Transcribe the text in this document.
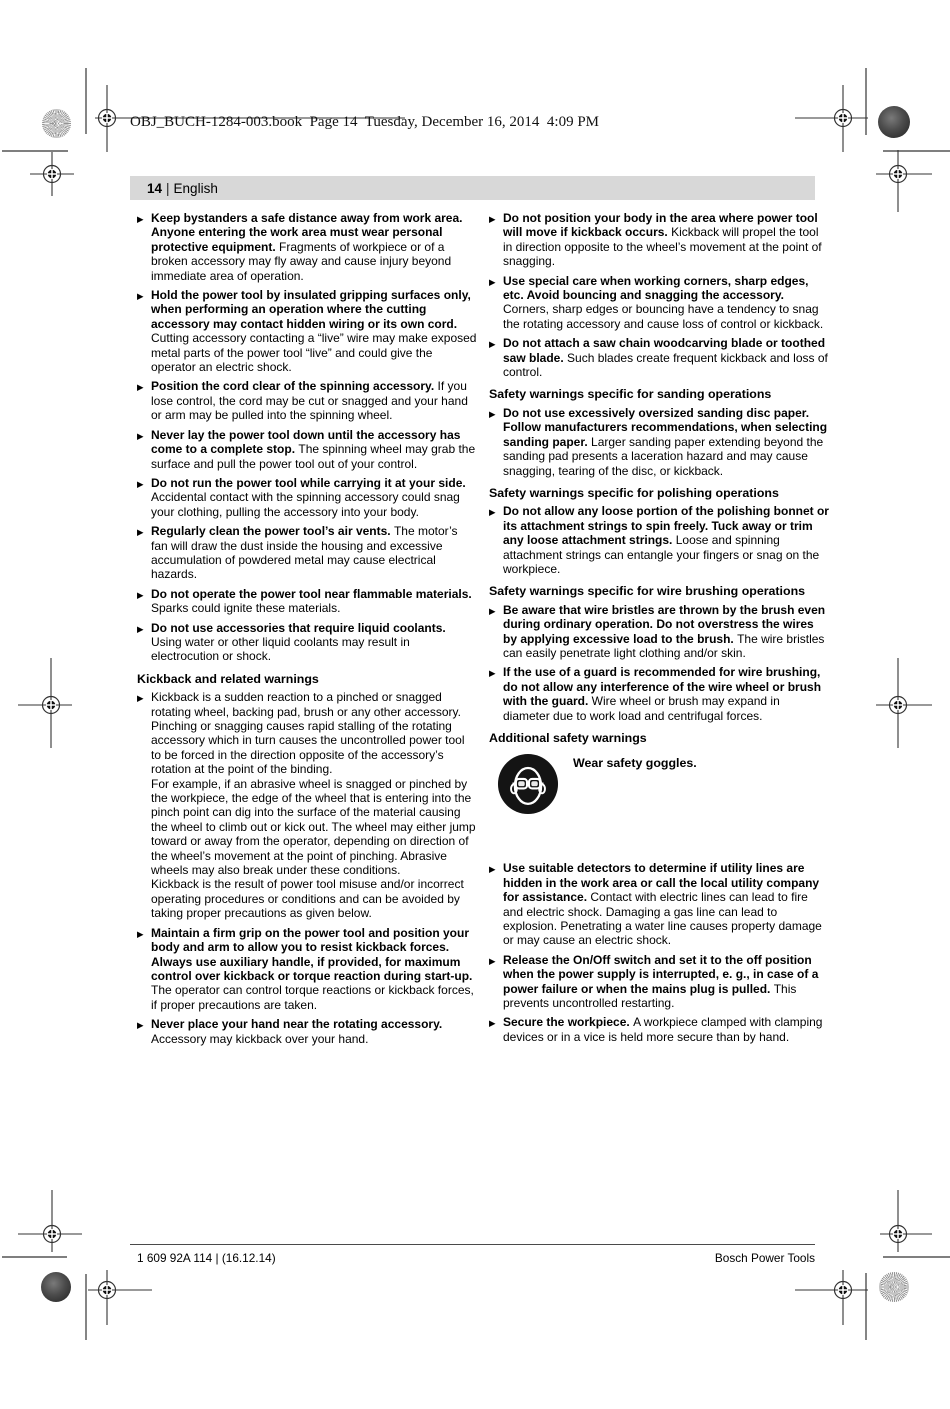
OBJ_BUCH-1284-003.book  Page 14  Tuesday, December 16, 2014  4:09 PM
14 | English
▶ Keep bystanders a safe distance away from work area. Anyone entering the work area must wear personal protective equipment. Fragments of workpiece or of a broken accessory may fly away and cause injury beyond immediate area of operation.

▶ Hold the power tool by insulated gripping surfaces only, when performing an operation where the cutting accessory may contact hidden wiring or its own cord. Cutting accessory contacting a “live” wire may make exposed metal parts of the power tool “live” and could give the operator an electric shock.

▶ Position the cord clear of the spinning accessory. If you lose control, the cord may be cut or snagged and your hand or arm may be pulled into the spinning wheel.

▶ Never lay the power tool down until the accessory has come to a complete stop. The spinning wheel may grab the surface and pull the power tool out of your control.

▶ Do not run the power tool while carrying it at your side. Accidental contact with the spinning accessory could snag your clothing, pulling the accessory into your body.

▶ Regularly clean the power tool’s air vents. The motor’s fan will draw the dust inside the housing and excessive accumulation of powdered metal may cause electrical hazards.

▶ Do not operate the power tool near flammable materials. Sparks could ignite these materials.

▶ Do not use accessories that require liquid coolants. Using water or other liquid coolants may result in electrocution or shock.

Kickback and related warnings
▶ Kickback is a sudden reaction to a pinched or snagged rotating wheel, backing pad, brush or any other accessory. Pinching or snagging causes rapid stalling of the rotating accessory which in turn causes the uncontrolled power tool to be forced in the direction opposite of the accessory’s rotation at the point of the binding.

For example, if an abrasive wheel is snagged or pinched by the workpiece, the edge of the wheel that is entering into the pinch point can dig into the surface of the material causing the wheel to climb out or kick out. The wheel may either jump toward or away from the operator, depending on direction of the wheel’s movement at the point of pinching. Abrasive wheels may also break under these conditions.

Kickback is the result of power tool misuse and/or incorrect operating procedures or conditions and can be avoided by taking proper precautions as given below.

▶ Maintain a firm grip on the power tool and position your body and arm to allow you to resist kickback forces. Always use auxiliary handle, if provided, for maximum control over kickback or torque reaction during start-up. The operator can control torque reactions or kickback forces, if proper precautions are taken.

▶ Never place your hand near the rotating accessory. Accessory may kickback over your hand.

▶ Do not position your body in the area where power tool will move if kickback occurs. Kickback will propel the tool in direction opposite to the wheel’s movement at the point of snagging.

▶ Use special care when working corners, sharp edges, etc. Avoid bouncing and snagging the accessory. Corners, sharp edges or bouncing have a tendency to snag the rotating accessory and cause loss of control or kickback.

▶ Do not attach a saw chain woodcarving blade or toothed saw blade. Such blades create frequent kickback and loss of control.

Safety warnings specific for sanding operations
▶ Do not use excessively oversized sanding disc paper. Follow manufacturers recommendations, when selecting sanding paper. Larger sanding paper extending beyond the sanding pad presents a laceration hazard and may cause snagging, tearing of the disc, or kickback.

Safety warnings specific for polishing operations
▶ Do not allow any loose portion of the polishing bonnet or its attachment strings to spin freely. Tuck away or trim any loose attachment strings. Loose and spinning attachment strings can entangle your fingers or snag on the workpiece.

Safety warnings specific for wire brushing operations
▶ Be aware that wire bristles are thrown by the brush even during ordinary operation. Do not overstress the wires by applying excessive load to the brush. The wire bristles can easily penetrate light clothing and/or skin.

▶ If the use of a guard is recommended for wire brushing, do not allow any interference of the wire wheel or brush with the guard. Wire wheel or brush may expand in diameter due to work load and centrifugal forces.

Additional safety warnings
Wear safety goggles.
▶ Use suitable detectors to determine if utility lines are hidden in the work area or call the local utility company for assistance. Contact with electric lines can lead to fire and electric shock. Damaging a gas line can lead to explosion. Penetrating a water line causes property damage or may cause an electric shock.

▶ Release the On/Off switch and set it to the off position when the power supply is interrupted, e. g., in case of a power failure or when the mains plug is pulled. This prevents uncontrolled restarting.

▶ Secure the workpiece. A workpiece clamped with clamping devices or in a vice is held more secure than by hand.

1 609 92A 114 | (16.12.14)	Bosch Power Tools
